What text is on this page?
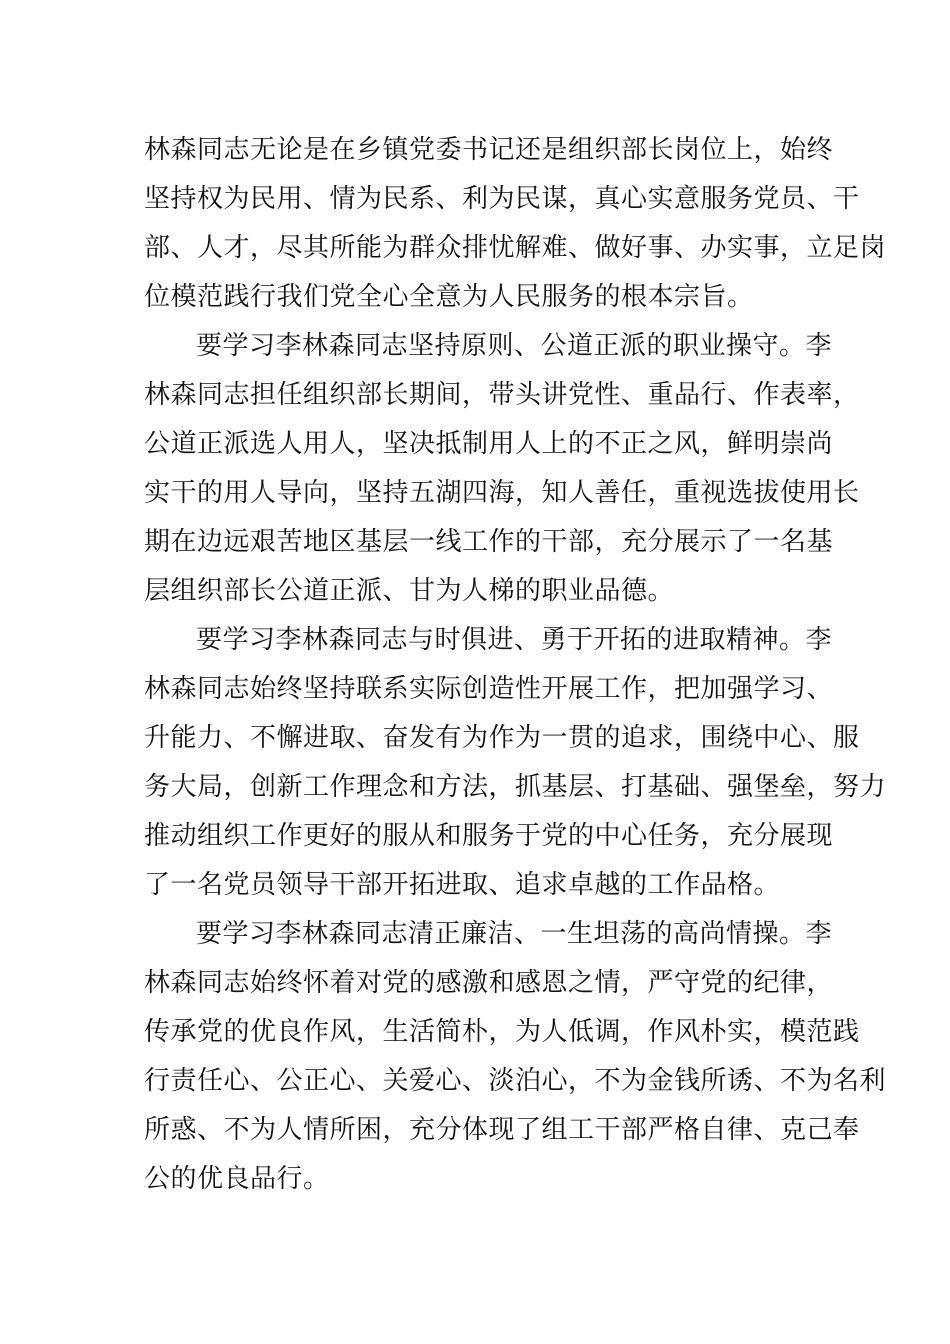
林森同志无论是在乡镇党委书记还是组织部长岗位上，始终
坚持权为民用、情为民系、利为民谋，真心实意服务党员、干
部、人才，尽其所能为群众排忧解难、做好事、办实事，立足岗
位模范践行我们党全心全意为人民服务的根本宗旨。
要学习李林森同志坚持原则、公道正派的职业操守。李
林森同志担任组织部长期间，带头讲党性、重品行、作表率，
公道正派选人用人，坚决抵制用人上的不正之风，鲜明崇尚
实干的用人导向，坚持五湖四海，知人善任，重视选拔使用长
期在边远艰苦地区基层一线工作的干部，充分展示了一名基
层组织部长公道正派、甘为人梯的职业品德。
要学习李林森同志与时俱进、勇于开拓的进取精神。李
林森同志始终坚持联系实际创造性开展工作，把加强学习、
升能力、不懈进取、奋发有为作为一贯的追求，围绕中心、服
务大局，创新工作理念和方法，抓基层、打基础、强堡垒，努力
推动组织工作更好的服从和服务于党的中心任务，充分展现
了一名党员领导干部开拓进取、追求卓越的工作品格。
要学习李林森同志清正廉洁、一生坦荡的高尚情操。李
林森同志始终怀着对党的感激和感恩之情，严守党的纪律，
传承党的优良作风，生活简朴，为人低调，作风朴实，模范践
行责任心、公正心、关爱心、淡泊心，不为金钱所诱、不为名利
所惑、不为人情所困，充分体现了组工干部严格自律、克己奉
公的优良品行。
